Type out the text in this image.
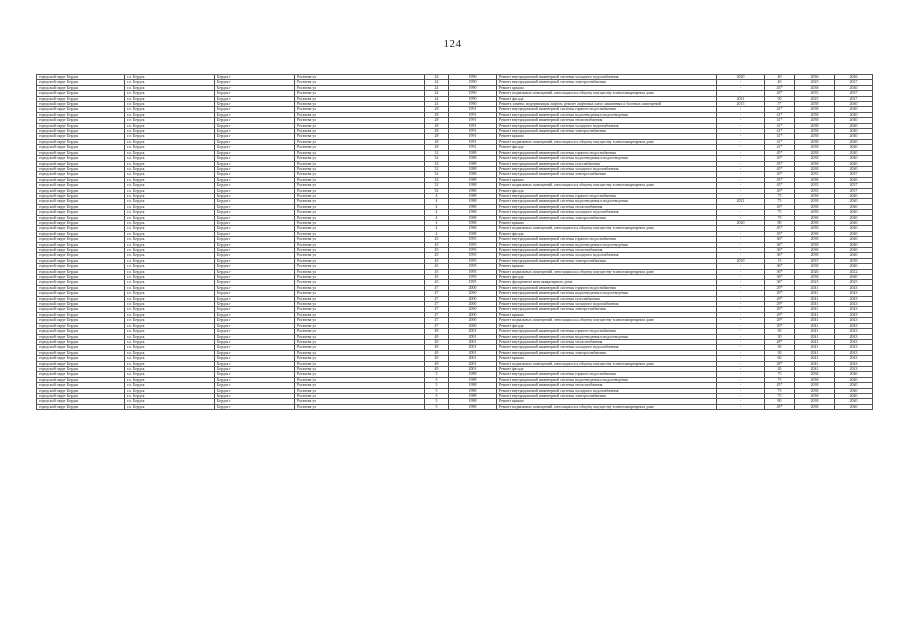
124
городской округ Бердск	г.о. Бердск	Бердск г	Рогачева ул	24	1990	Ремонт внутридомовой инженерной системы холодного водоснабжения	2020	40	2036	2046
городской округ Бердск	г.о. Бердск	Бердск г	Рогачева ул	24	1990	Ремонт внутридомовой инженерной системы электроснабжения	-	40	2025	2027
городской округ Бердск	г.о. Бердск	Бердск г	Рогачева ул	24	1990	Ремонт крыши	-	43*	2038	2040
городской округ Бердск	г.о. Бердск	Бердск г	Рогачева ул	24	1990	Ремонт подвальных помещений, относящихся к общему имуществу в многоквартирном доме	-	43*	2035	2037
городской округ Бердск	г.о. Бердск	Бердск г	Рогачева ул	24	1990	Ремонт фасада	2021	50	2025	2027
городской округ Бердск	г.о. Бердск	Бердск г	Рогачева ул	24	1990	Ремонт, замена, модернизация лифтов, ремонт лифтовых шахт, машинных и блочных помещений	2015	5*	2038	2040
городской округ Бердск	г.о. Бердск	Бердск г	Рогачева ул	28	1991	Ремонт внутридомовой инженерной системы горячего водоснабжения	-	41*	2038	2040
городской округ Бердск	г.о. Бердск	Бердск г	Рогачева ул	28	1991	Ремонт внутридомовой инженерной системы водоотведения и водоотведения	-	41*	2038	2040
городской округ Бердск	г.о. Бердск	Бердск г	Рогачева ул	28	1991	Ремонт внутридомовой инженерной системы теплоснабжения	-	41*	2038	2040
городской округ Бердск	г.о. Бердск	Бердск г	Рогачева ул	28	1991	Ремонт внутридомовой инженерной системы холодного водоснабжения	-	41*	2038	2040
городской округ Бердск	г.о. Бердск	Бердск г	Рогачева ул	28	1991	Ремонт внутридомовой инженерной системы электроснабжения	-	41*	2038	2040
городской округ Бердск	г.о. Бердск	Бердск г	Рогачева ул	28	1991	Ремонт крыши	-	41*	2038	2040
городской округ Бердск	г.о. Бердск	Бердск г	Рогачева ул	28	1991	Ремонт подвальных помещений, относящихся к общему имуществу в многоквартирном доме	-	41*	2038	2040
городской округ Бердск	г.о. Бердск	Бердск г	Рогачева ул	28	1991	Ремонт фасада	-	41*	2038	2040
городской округ Бердск	г.о. Бердск	Бердск г	Рогачева ул	32	1988	Ремонт внутридомовой инженерной системы горячего водоснабжения	-	45*	2038	2040
городской округ Бердск	г.о. Бердск	Бердск г	Рогачева ул	32	1988	Ремонт внутридомовой инженерной системы водоотведения и водоотведения	-	45*	2038	2040
городской округ Бердск	г.о. Бердск	Бердск г	Рогачева ул	32	1988	Ремонт внутридомовой инженерной системы газоснабжения	-	45*	2038	2040
городской округ Бердск	г.о. Бердск	Бердск г	Рогачева ул	32	1988	Ремонт внутридомовой инженерной системы холодного водоснабжения	-	45*	2038	2040
городской округ Бердск	г.о. Бердск	Бердск г	Рогачева ул	32	1988	Ремонт внутридомовой инженерной системы электроснабжения	-	45*	2035	2037
городской округ Бердск	г.о. Бердск	Бердск г	Рогачева ул	32	1988	Ремонт крыши	-	45*	2038	2040
городской округ Бердск	г.о. Бердск	Бердск г	Рогачева ул	32	1988	Ремонт подвальных помещений, относящихся к общему имуществу в многоквартирном доме	-	45*	2035	2037
городской округ Бердск	г.о. Бердск	Бердск г	Рогачева ул	32	1988	Ремонт фасада	-	45*	2035	2037
городской округ Бердск	г.о. Бердск	Бердск г	Рогачева ул	4	1988	Ремонт внутридомовой инженерной системы горячего водоснабжения	-	75	2038	2040
городской округ Бердск	г.о. Бердск	Бердск г	Рогачева ул	4	1988	Ремонт внутридомовой инженерной системы водоотведения и водоотведения	2021	75	2038	2040
городской округ Бердск	г.о. Бердск	Бердск г	Рогачева ул	4	1988	Ремонт внутридомовой инженерной системы теплоснабжения	-	45*	2038	2040
городской округ Бердск	г.о. Бердск	Бердск г	Рогачева ул	4	1988	Ремонт внутридомовой инженерной системы холодного водоснабжения	-	75	2038	2040
городской округ Бердск	г.о. Бердск	Бердск г	Рогачева ул	4	1988	Ремонт внутридомовой инженерной системы электроснабжения	-	75	2038	2040
городской округ Бердск	г.о. Бердск	Бердск г	Рогачева ул	4	1988	Ремонт крыши	2020	80	2038	2040
городской округ Бердск	г.о. Бердск	Бердск г	Рогачева ул	4	1988	Ремонт подвальных помещений, относящихся к общему имуществу в многоквартирном доме	-	45*	2038	2040
городской округ Бердск	г.о. Бердск	Бердск г	Рогачева ул	4	1988	Ремонт фасада	-	45*	2038	2040
городской округ Бердск	г.о. Бердск	Бердск г	Рогачева ул	45	1995	Ремонт внутридомовой инженерной системы горячего водоснабжения	-	36*	2038	2040
городской округ Бердск	г.о. Бердск	Бердск г	Рогачева ул	45	1995	Ремонт внутридомовой инженерной системы водоотведения и водоотведения	-	36*	2038	2040
городской округ Бердск	г.о. Бердск	Бердск г	Рогачева ул	45	1995	Ремонт внутридомовой инженерной системы теплоснабжения	-	36*	2038	2040
городской округ Бердск	г.о. Бердск	Бердск г	Рогачева ул	45	1995	Ремонт внутридомовой инженерной системы холодного водоснабжения	-	36*	2038	2040
городской округ Бердск	г.о. Бердск	Бердск г	Рогачева ул	45	1995	Ремонт внутридомовой инженерной системы электроснабжения	2019	15	2037	2039
городской округ Бердск	г.о. Бердск	Бердск г	Рогачева ул	45	1995	Ремонт крыши	-	36*	2038	2040
городской округ Бердск	г.о. Бердск	Бердск г	Рогачева ул	45	1995	Ремонт подвальных помещений, относящихся к общему имуществу в многоквартирном доме	-	36*	2020	2022
городской округ Бердск	г.о. Бердск	Бердск г	Рогачева ул	45	1995	Ремонт фасада	-	36*	2038	2040
городской округ Бердск	г.о. Бердск	Бердск г	Рогачева ул	45	1995	Ремонт фундамента многоквартирного дома	-	36*	2023	2025
городской округ Бердск	г.о. Бердск	Бердск г	Рогачева ул	47	2000	Ремонт внутридомовой инженерной системы горячего водоснабжения	-	29*	2041	2043
городской округ Бердск	г.о. Бердск	Бердск г	Рогачева ул	47	2000	Ремонт внутридомовой инженерной системы водоотведения и водоотведения	-	29*	2041	2043
городской округ Бердск	г.о. Бердск	Бердск г	Рогачева ул	47	2000	Ремонт внутридомовой инженерной системы газоснабжения	-	29*	2041	2043
городской округ Бердск	г.о. Бердск	Бердск г	Рогачева ул	47	2000	Ремонт внутридомовой инженерной системы холодного водоснабжения	-	29*	2041	2043
городской округ Бердск	г.о. Бердск	Бердск г	Рогачева ул	47	2000	Ремонт внутридомовой инженерной системы электроснабжения	-	29*	2041	2043
городской округ Бердск	г.о. Бердск	Бердск г	Рогачева ул	47	2000	Ремонт крыши	-	29*	2041	2043
городской округ Бердск	г.о. Бердск	Бердск г	Рогачева ул	47	2000	Ремонт подвальных помещений, относящихся к общему имуществу в многоквартирном доме	-	29*	2041	2043
городской округ Бердск	г.о. Бердск	Бердск г	Рогачева ул	47	2000	Ремонт фасада	-	29*	2041	2043
городской округ Бердск	г.о. Бердск	Бердск г	Рогачева ул	49	2001	Ремонт внутридомовой инженерной системы горячего водоснабжения	-	30	2041	2043
городской округ Бердск	г.о. Бердск	Бердск г	Рогачева ул	49	2001	Ремонт внутридомовой инженерной системы водоотведения и водоотведения	-	30	2041	2043
городской округ Бердск	г.о. Бердск	Бердск г	Рогачева ул	49	2001	Ремонт внутридомовой инженерной системы теплоснабжения	-	28*	2041	2043
городской округ Бердск	г.о. Бердск	Бердск г	Рогачева ул	49	2001	Ремонт внутридомовой инженерной системы холодного водоснабжения	-	30	2041	2043
городской округ Бердск	г.о. Бердск	Бердск г	Рогачева ул	49	2001	Ремонт внутридомовой инженерной системы электроснабжения	-	30	2041	2043
городской округ Бердск	г.о. Бердск	Бердск г	Рогачева ул	49	2001	Ремонт крыши	-	60	2041	2043
городской округ Бердск	г.о. Бердск	Бердск г	Рогачева ул	49	2001	Ремонт подвальных помещений, относящихся к общему имуществу в многоквартирном доме	-	28*	2041	2043
городской округ Бердск	г.о. Бердск	Бердск г	Рогачева ул	49	2001	Ремонт фасада	-	20	2041	2043
городской округ Бердск	г.о. Бердск	Бердск г	Рогачева ул	5	1988	Ремонт внутридомовой инженерной системы горячего водоснабжения	-	75	2038	2040
городской округ Бердск	г.о. Бердск	Бердск г	Рогачева ул	5	1988	Ремонт внутридомовой инженерной системы водоотведения и водоотведения	-	75	2038	2040
городской округ Бердск	г.о. Бердск	Бердск г	Рогачева ул	5	1988	Ремонт внутридомовой инженерной системы теплоснабжения	-	45*	2038	2040
городской округ Бердск	г.о. Бердск	Бердск г	Рогачева ул	5	1988	Ремонт внутридомовой инженерной системы холодного водоснабжения	-	75	2038	2040
городской округ Бердск	г.о. Бердск	Бердск г	Рогачева ул	5	1988	Ремонт внутридомовой инженерной системы электроснабжения	-	75	2038	2040
городской округ Бердск	г.о. Бердск	Бердск г	Рогачева ул	5	1988	Ремонт крыши	-	80	2038	2040
городской округ Бердск	г.о. Бердск	Бердск г	Рогачева ул	5	1988	Ремонт подвальных помещений, относящихся к общему имуществу в многоквартирном доме	-	45*	2038	2040
